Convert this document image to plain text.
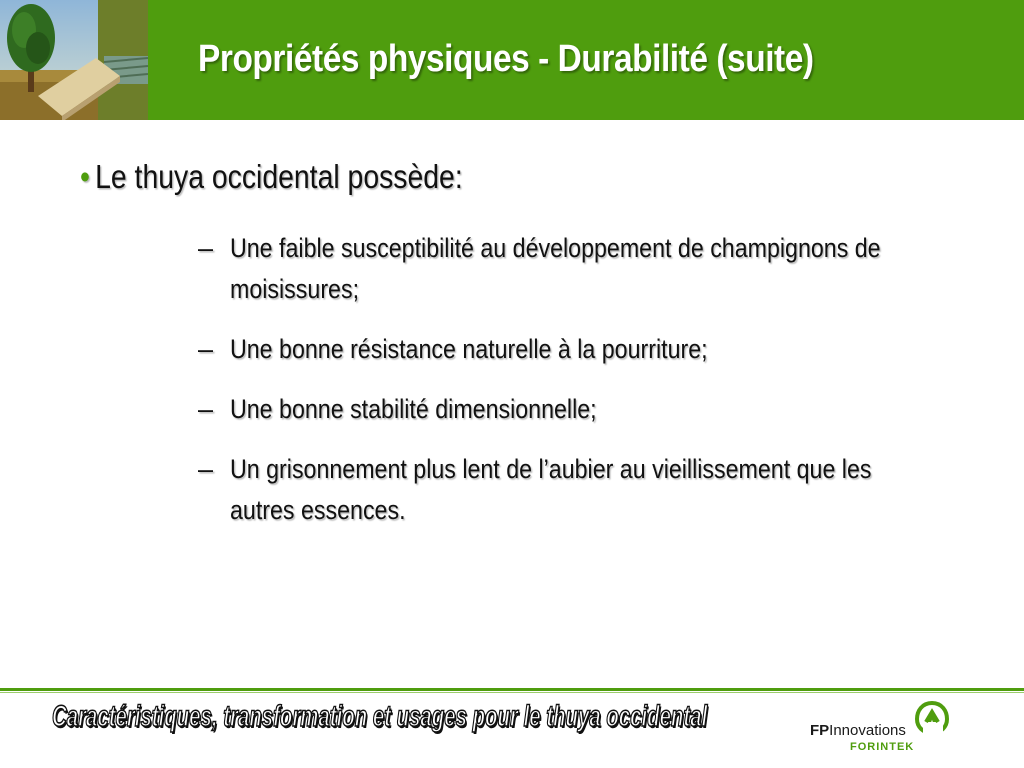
Propriétés physiques - Durabilité (suite)
• Le thuya occidental possède:
– Une faible susceptibilité au développement de champignons de moisissures;
– Une bonne résistance naturelle à la pourriture;
– Une bonne stabilité dimensionnelle;
– Un grisonnement plus lent de l’aubier au vieillissement que les autres essences.
Caractéristiques, transformation et usages pour le thuya occidental	FPInnovations
FORINTEK
